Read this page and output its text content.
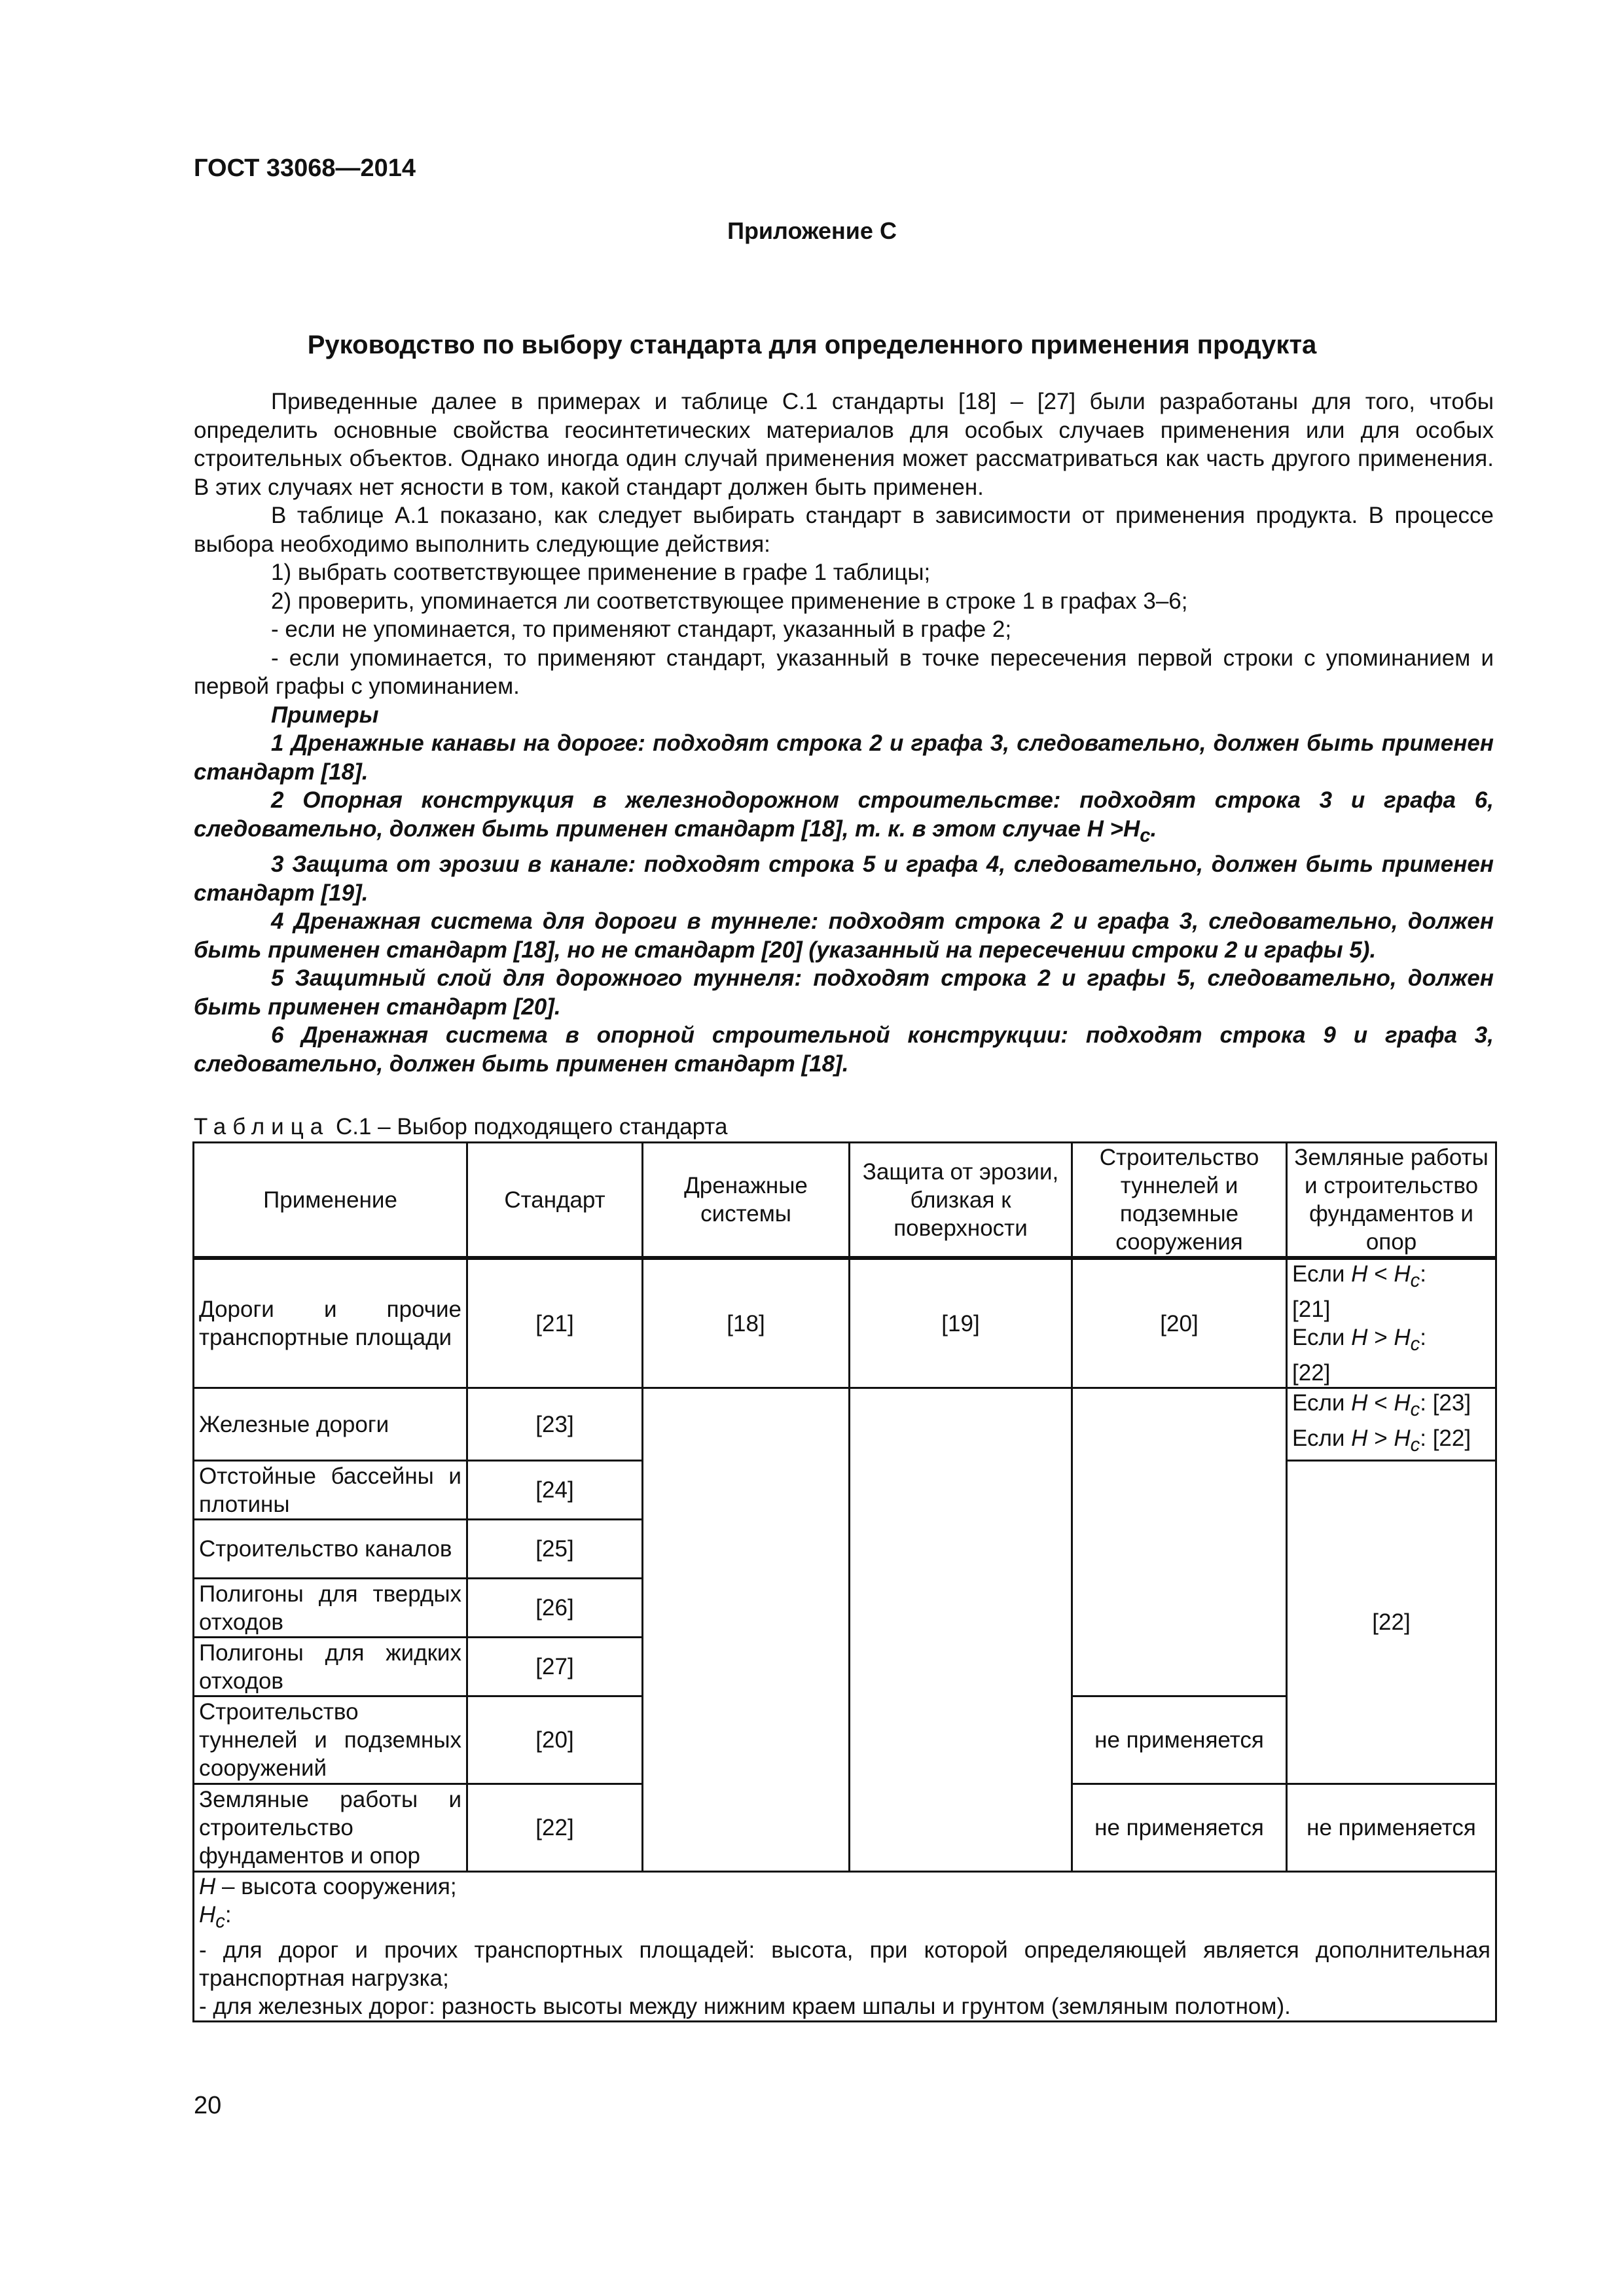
ГОСТ 33068—2014
Приложение С
Руководство по выбору стандарта для определенного применения продукта

Приведенные далее в примерах и таблице С.1 стандарты [18] – [27] были разработаны для того, чтобы определить основные свойства геосинтетических материалов для особых случаев применения или для особых строительных объектов. Однако иногда один случай применения может рассматриваться как часть другого применения. В этих случаях нет ясности в том, какой стандарт должен быть применен.

В таблице А.1 показано, как следует выбирать стандарт в зависимости от применения продукта. В процессе выбора необходимо выполнить следующие действия:

1) выбрать соответствующее применение в графе 1 таблицы;

2) проверить, упоминается ли соответствующее применение в строке 1 в графах 3–6;

- если не упоминается, то применяют стандарт, указанный в графе 2;

- если упоминается, то применяют стандарт, указанный в точке пересечения первой строки с упоминанием и первой графы с упоминанием.

Примеры

1 Дренажные канавы на дороге: подходят строка 2 и графа 3, следовательно, должен быть применен стандарт [18].

2 Опорная конструкция в железнодорожном строительстве: подходят строка 3 и графа 6, следовательно, должен быть применен стандарт [18], т. к. в этом случае $H >H_c$.

3 Защита от эрозии в канале: подходят строка 5 и графа 4, следовательно, должен быть применен стандарт [19].

4 Дренажная система для дороги в туннеле: подходят строка 2 и графа 3, следовательно, должен быть применен стандарт [18], но не стандарт [20] (указанный на пересечении строки 2 и графы 5).

5 Защитный слой для дорожного туннеля: подходят строка 2 и графы 5, следовательно, должен быть применен стандарт [20].

6 Дренажная система в опорной строительной конструкции: подходят строка 9 и графа 3, следовательно, должен быть применен стандарт [18].

Таблица С.1 – Выбор подходящего стандарта
Применение	Стандарт	Дренажные системы	Защита от эрозии, близкая к поверхности	Строительство туннелей и подземные сооружения	Земляные работы и строительство фундаментов и опор
Дороги и прочие транспортные площади	[21]	[18]	[19]	[20]	Если $H < H_c$:
[21]
Если $H > H_c$:
[22]

Железные дороги	[23]				Если $H < H_c$: [23]
Если $H > H_c$: [22]

Отстойные бассейны и плотины	[24]				[22]
Строительство каналов	[25]				
Полигоны для твердых отходов	[26]				
Полигоны для жидких отходов	[27]				
Строительство туннелей и подземных сооружений	[20]			не применяется	
Земляные работы и строительство фундаментов и опор	[22]			не применяется	не применяется

H – высота сооружения;
$H_c$:
- для дорог и прочих транспортных площадей: высота, при которой определяющей является дополнительная транспортная нагрузка;
- для железных дорог: разность высоты между нижним краем шпалы и грунтом (земляным полотном).					
20
